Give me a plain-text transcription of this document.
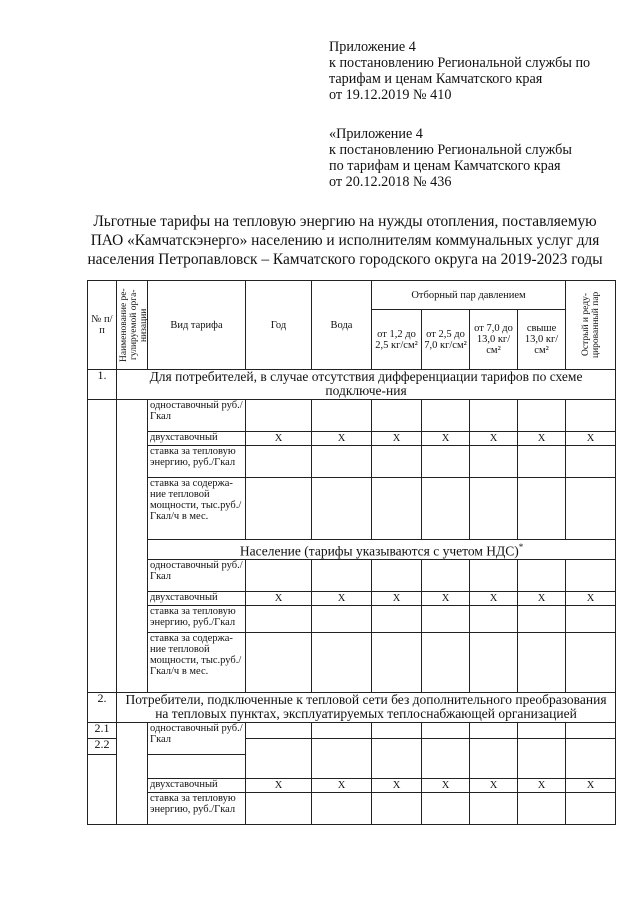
Приложение 4
к постановлению Региональной службы по
тарифам и ценам Камчатского края
от 19.12.2019 № 410
«Приложение 4
к постановлению Региональной службы
по тарифам и ценам Камчатского края
от 20.12.2018 № 436
Льготные тарифы на тепловую энергию на нужды отопления, поставляемую
ПАО «Камчатскэнерго» населению и исполнителям коммунальных услуг для
населения Петропавловск – Камчатского городского округа на 2019-2023 годы
№ п/п	Наименование ре-гулируемой орга-низации	Вид тарифа	Год	Вода	Отборный пар давлением				Острый и реду-цированный пар

					от 1,2 до 2,5 кг/см²	от 2,5 до 7,0 кг/см²	от 7,0 до 13,0 кг/см²	свыше 13,0 кг/см²	
1.	Для потребителей, в случае отсутствия дифференциации тарифов по схеме подключе-ния								
		одноставочный руб./Гкал							
		двухставочный	X	X	X	X	X	X	X
		ставка за тепловую энергию, руб./Гкал							
		ставка за содержа-ние тепловой мощности, тыс.руб./Гкал/ч в мес.							
		Население (тарифы указываются с учетом НДС)*
		одноставочный руб./Гкал							
		двухставочный	X	X	X	X	X	X	X
		ставка за тепловую энергию, руб./Гкал							
		ставка за содержа-ние тепловой мощности, тыс.руб./Гкал/ч в мес.							
2.	Потребители, подключенные к тепловой сети без дополнительного преобразования на тепловых пунктах, эксплуатируемых теплоснабжающей организацией								
2.1		одноставочный руб./Гкал							
2.2									

		двухставочный	X	X	X	X	X	X	X
		ставка за тепловую энергию, руб./Гкал							
